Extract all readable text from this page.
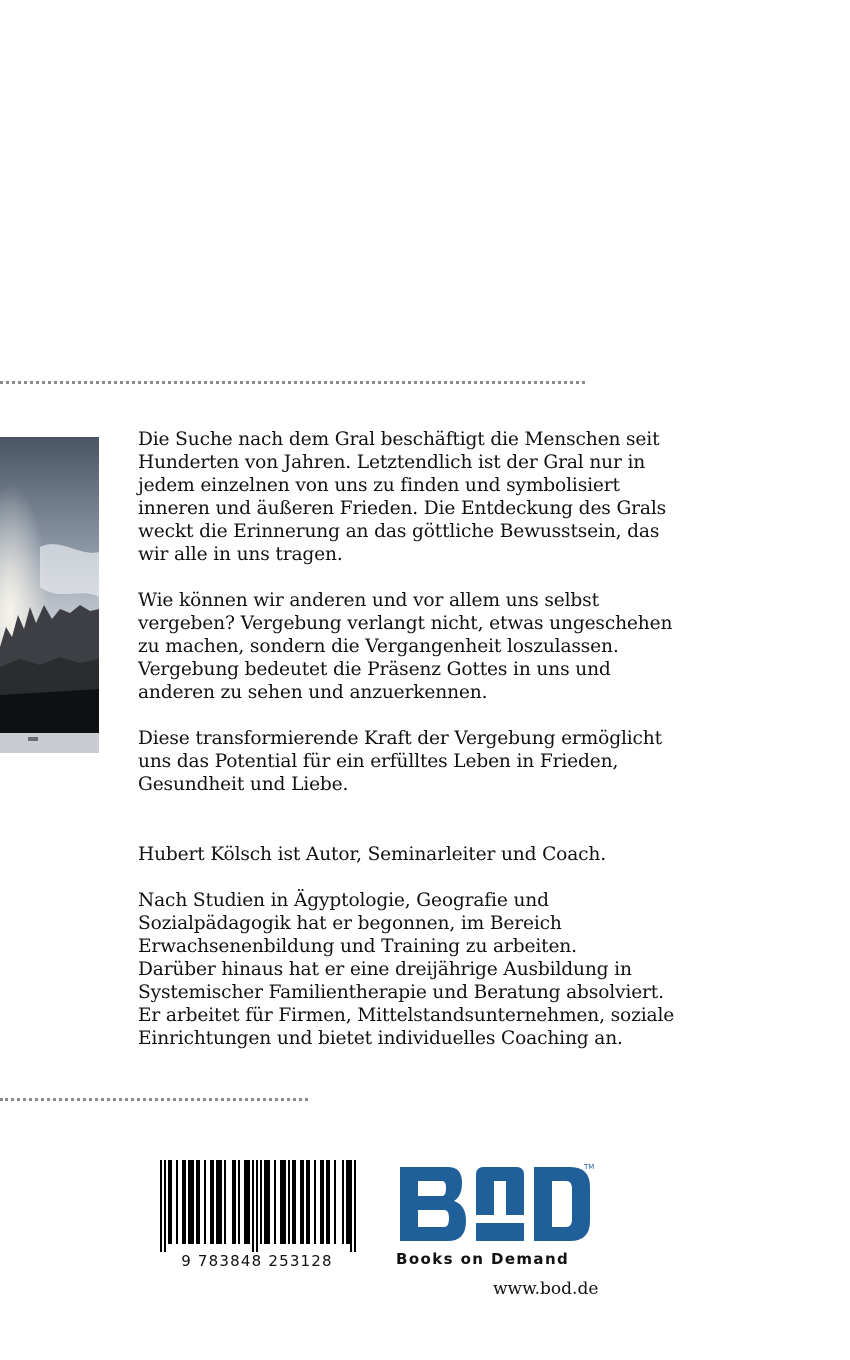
Die Suche nach dem Gral beschäftigt die Menschen seit
Hunderten von Jahren. Letztendlich ist der Gral nur in
jedem einzelnen von uns zu finden und symbolisiert
inneren und äußeren Frieden. Die Entdeckung des Grals
weckt die Erinnerung an das göttliche Bewusstsein, das
wir alle in uns tragen.

Wie können wir anderen und vor allem uns selbst
vergeben? Vergebung verlangt nicht, etwas ungeschehen
zu machen, sondern die Vergangenheit loszulassen.
Vergebung bedeutet die Präsenz Gottes in uns und
anderen zu sehen und anzuerkennen.

Diese transformierende Kraft der Vergebung ermöglicht
uns das Potential für ein erfülltes Leben in Frieden,
Gesundheit und Liebe.

Hubert Kölsch ist Autor, Seminarleiter und Coach.

Nach Studien in Ägyptologie, Geografie und
Sozialpädagogik hat er begonnen, im Bereich
Erwachsenenbildung und Training zu arbeiten.
Darüber hinaus hat er eine dreijährige Ausbildung in
Systemischer Familientherapie und Beratung absolviert.
Er arbeitet für Firmen, Mittelstandsunternehmen, soziale
Einrichtungen und bietet individuelles Coaching an.

9 783848 253128
TM
Books on Demand
www.bod.de
